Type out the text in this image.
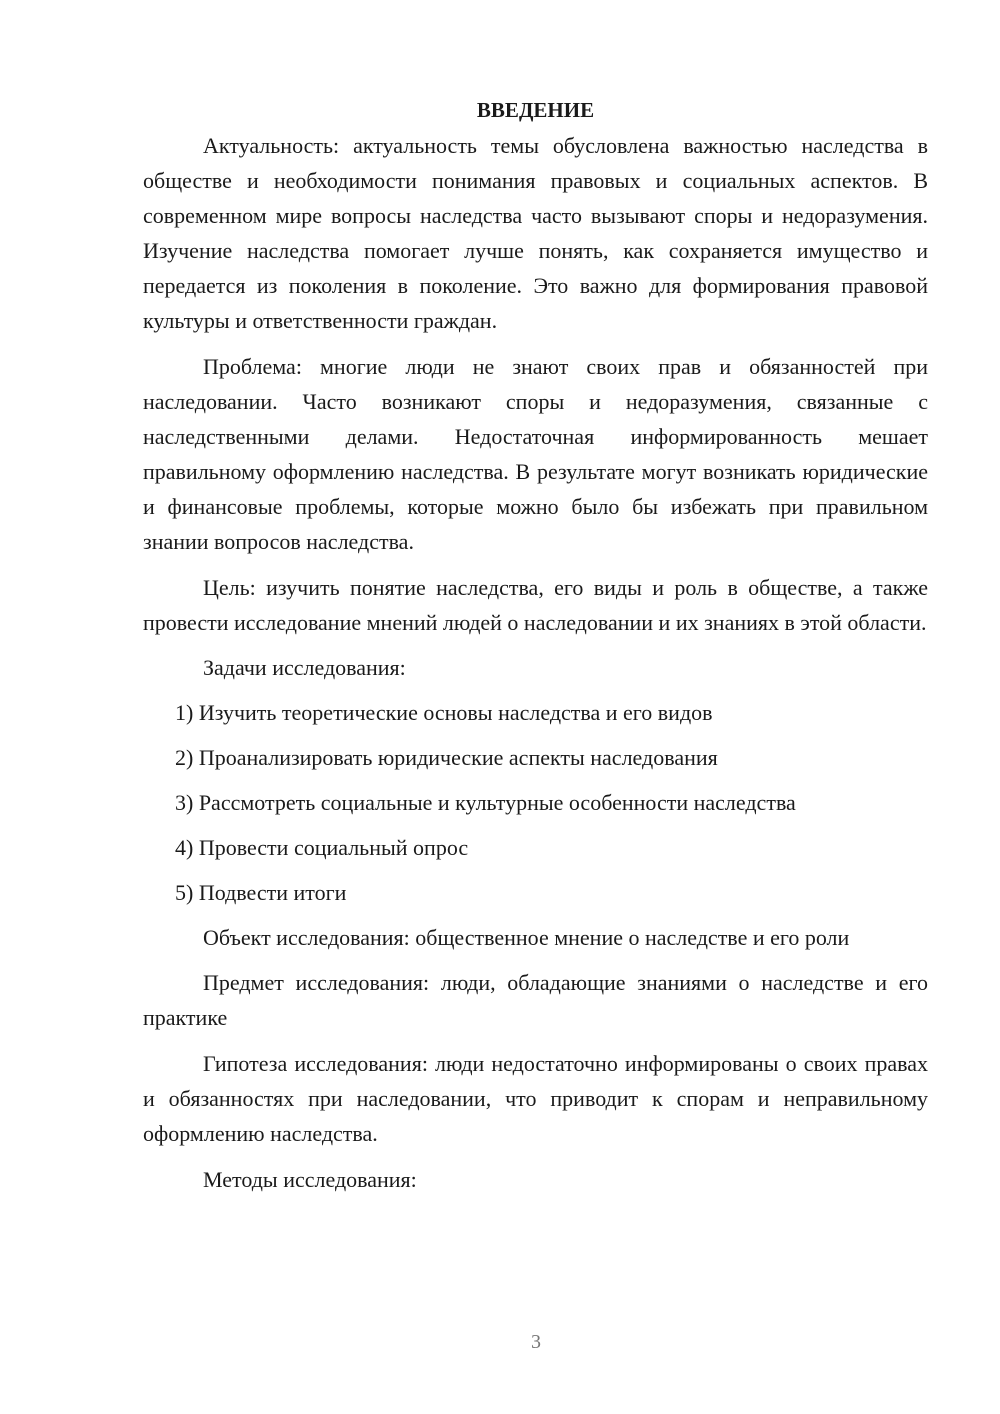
ВВЕДЕНИЕ

Актуальность: актуальность темы обусловлена важностью наследства в обществе и необходимости понимания правовых и социальных аспектов. В современном мире вопросы наследства часто вызывают споры и недоразумения. Изучение наследства помогает лучше понять, как сохраняется имущество и передается из поколения в поколение. Это важно для формирования правовой культуры и ответственности граждан.

Проблема: многие люди не знают своих прав и обязанностей при наследовании. Часто возникают споры и недоразумения, связанные с наследственными делами. Недостаточная информированность мешает правильному оформлению наследства. В результате могут возникать юридические и финансовые проблемы, которые можно было бы избежать при правильном знании вопросов наследства.

Цель: изучить понятие наследства, его виды и роль в обществе, а также провести исследование мнений людей о наследовании и их знаниях в этой области.

Задачи исследования:

1) Изучить теоретические основы наследства и его видов

2) Проанализировать юридические аспекты наследования

3) Рассмотреть социальные и культурные особенности наследства

4) Провести социальный опрос

5) Подвести итоги

Объект исследования: общественное мнение о наследстве и его роли

Предмет исследования: люди, обладающие знаниями о наследстве и его практике

Гипотеза исследования: люди недостаточно информированы о своих правах и обязанностях при наследовании, что приводит к спорам и неправильному оформлению наследства.

Методы исследования:

3
